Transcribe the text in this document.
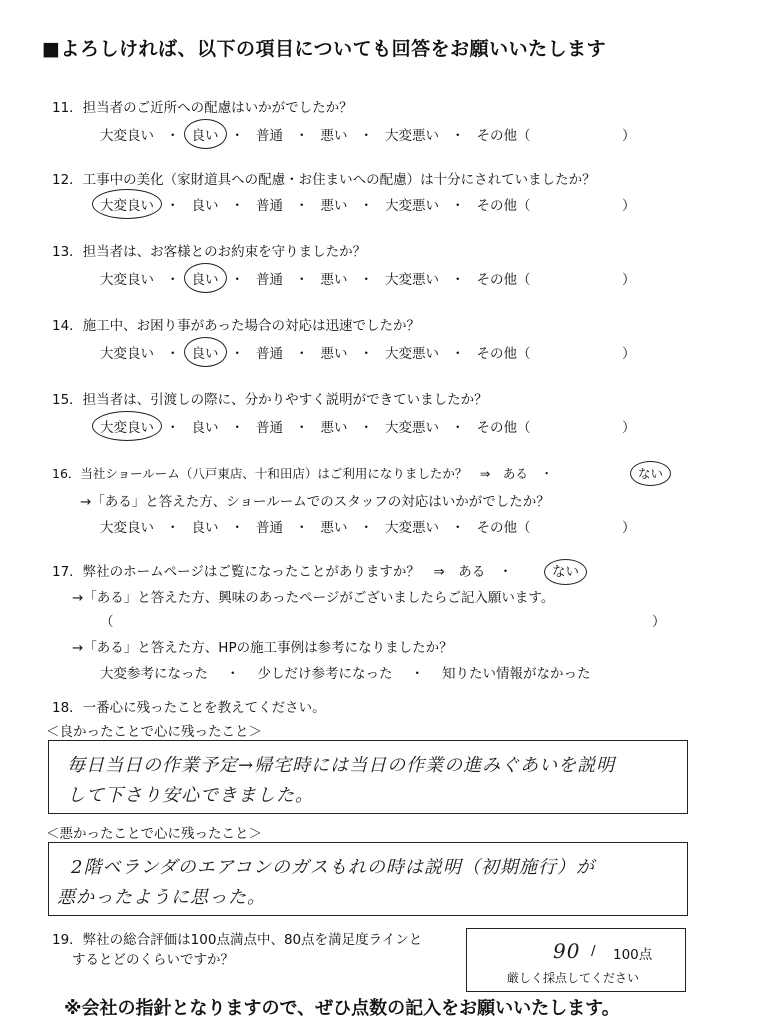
■よろしければ、以下の項目についても回答をお願いいたします
11．担当者のご近所への配慮はいかがでしたか？
大変良い ・ 良い ・ 普通 ・ 悪い ・ 大変悪い ・ その他（	）
12．工事中の美化（家財道具への配慮・お住まいへの配慮）は十分にされていましたか？
大変良い ・ 良い ・ 普通 ・ 悪い ・ 大変悪い ・ その他（	）
13．担当者は、お客様とのお約束を守りましたか？
大変良い ・ 良い ・ 普通 ・ 悪い ・ 大変悪い ・ その他（	）
14．施工中、お困り事があった場合の対応は迅速でしたか？
大変良い ・ 良い ・ 普通 ・ 悪い ・ 大変悪い ・ その他（	）
15．担当者は、引渡しの際に、分かりやすく説明ができていましたか？
大変良い ・ 良い ・ 普通 ・ 悪い ・ 大変悪い ・ その他（	）
16．当社ショールーム（八戸東店、十和田店）はご利用になりましたか？　⇒　ある　・	ない
→「ある」と答えた方、ショールームでのスタッフの対応はいかがでしたか？
大変良い ・ 良い ・ 普通 ・ 悪い ・ 大変悪い ・ その他（	）
17．弊社のホームページはご覧になったことがありますか？　⇒　ある　・	ない
→「ある」と答えた方、興味のあったページがございましたらご記入願います。
（	）
→「ある」と答えた方、HPの施工事例は参考になりましたか？
大変参考になった	・	少しだけ参考になった	・	知りたい情報がなかった
18．一番心に残ったことを教えてください。
＜良かったことで心に残ったこと＞
毎日当日の作業予定→帰宅時には当日の作業の進みぐあいを説明
して下さり安心できました。
＜悪かったことで心に残ったこと＞
2階ベランダのエアコンのガスもれの時は説明（初期施行）が
悪かったように思った。
19．弊社の総合評価は100点満点中、80点を満足度ラインと
するとどのくらいですか？	90 / 100点
厳しく採点してください
※会社の指針となりますので、ぜひ点数の記入をお願いいたします。
